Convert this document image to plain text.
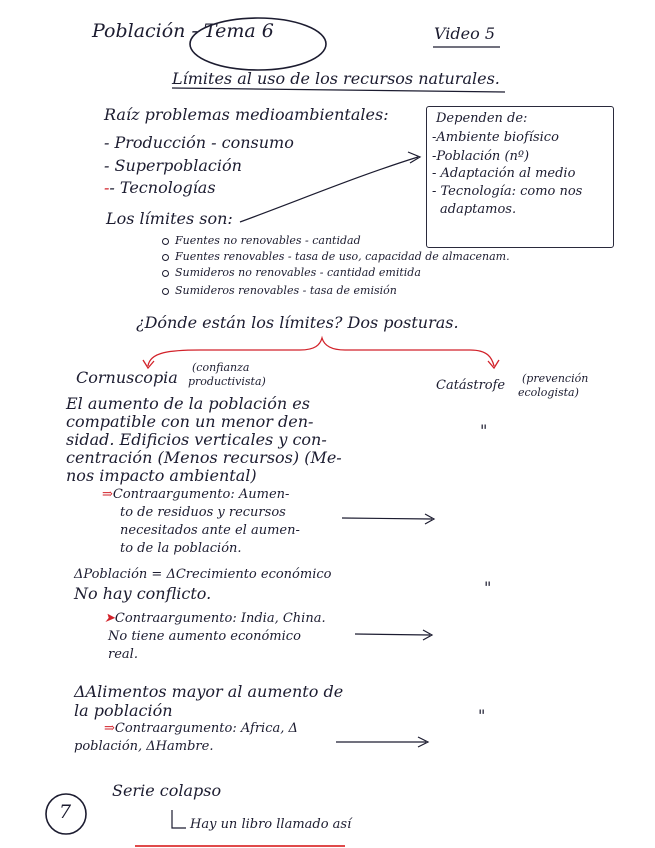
Población - Tema 6	Video 5
Límites al uso de los recursos naturales.
Raíz problemas medioambientales:
- Producción - consumo
- Superpoblación
-- Tecnologías
Dependen de:
-Ambiente biofísico
-Población (nº)
- Adaptación al medio
- Tecnología: como nos
adaptamos.
Los límites son:
Fuentes no renovables - cantidad
Fuentes renovables - tasa de uso, capacidad de almacenam.
Sumideros no renovables - cantidad emitida
Sumideros renovables - tasa de emisión
¿Dónde están los límites? Dos posturas.
Cornuscopia
(confianza
productivista)	Catástrofe (prevención
ecologista)
El aumento de la población es
compatible con un menor den-
sidad. Edificios verticales y con-
centración (Menos recursos) (Me-
nos impacto ambiental)
"
⇒Contraargumento: Aumen-
to de residuos y recursos
necesitados ante el aumen-
to de la población.
ΔPoblación = ΔCrecimiento económico
No hay conflicto.	"
➤Contraargumento: India, China.
No tiene aumento económico
real.
ΔAlimentos mayor al aumento de
la población	"
⇒Contraargumento: Africa, Δ
población, ΔHambre.
Serie colapso
Hay un libro llamado así
7
